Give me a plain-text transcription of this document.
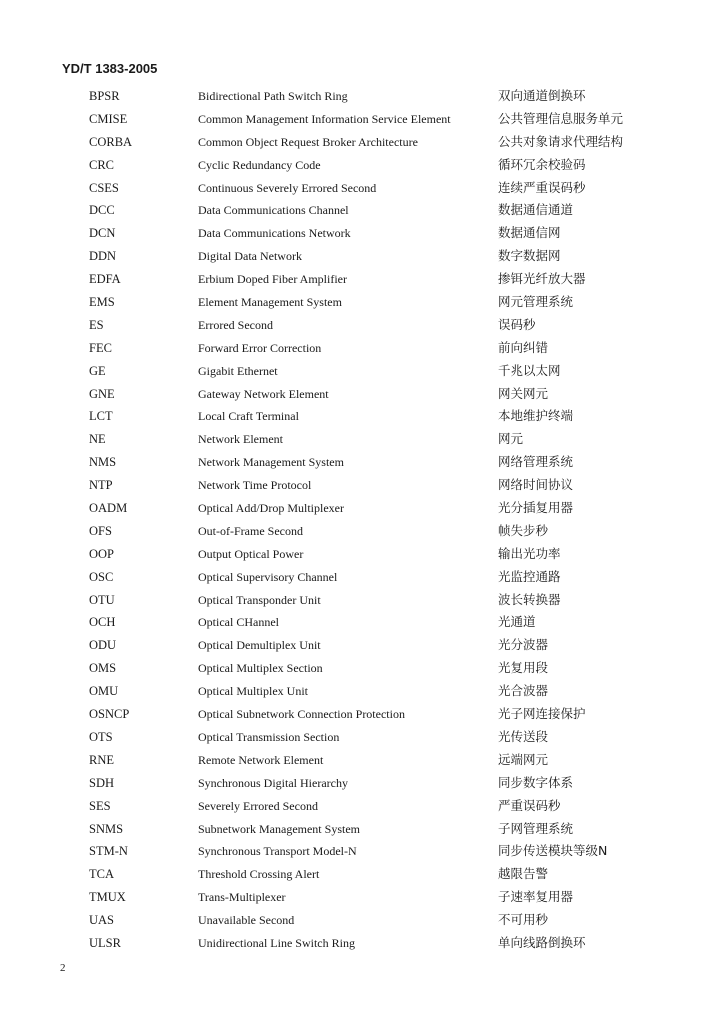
YD/T 1383-2005
BPSR	Bidirectional Path Switch Ring	双向通道倒换环
CMISE	Common Management Information Service Element	公共管理信息服务单元
CORBA	Common Object Request Broker Architecture	公共对象请求代理结构
CRC	Cyclic Redundancy Code	循环冗余校验码
CSES	Continuous Severely Errored Second	连续严重误码秒
DCC	Data Communications Channel	数据通信通道
DCN	Data Communications Network	数据通信网
DDN	Digital Data Network	数字数据网
EDFA	Erbium Doped Fiber Amplifier	掺铒光纤放大器
EMS	Element Management System	网元管理系统
ES	Errored Second	误码秒
FEC	Forward Error Correction	前向纠错
GE	Gigabit Ethernet	千兆以太网
GNE	Gateway Network Element	网关网元
LCT	Local Craft Terminal	本地维护终端
NE	Network Element	网元
NMS	Network Management System	网络管理系统
NTP	Network Time Protocol	网络时间协议
OADM	Optical Add/Drop Multiplexer	光分插复用器
OFS	Out-of-Frame Second	帧失步秒
OOP	Output Optical Power	输出光功率
OSC	Optical Supervisory Channel	光监控通路
OTU	Optical Transponder Unit	波长转换器
OCH	Optical CHannel	光通道
ODU	Optical Demultiplex Unit	光分波器
OMS	Optical Multiplex Section	光复用段
OMU	Optical Multiplex Unit	光合波器
OSNCP	Optical Subnetwork Connection Protection	光子网连接保护
OTS	Optical Transmission Section	光传送段
RNE	Remote Network Element	远端网元
SDH	Synchronous Digital Hierarchy	同步数字体系
SES	Severely Errored Second	严重误码秒
SNMS	Subnetwork Management System	子网管理系统
STM-N	Synchronous Transport Model-N	同步传送模块等级N
TCA	Threshold Crossing Alert	越限告警
TMUX	Trans-Multiplexer	子速率复用器
UAS	Unavailable Second	不可用秒
ULSR	Unidirectional Line Switch Ring	单向线路倒换环
2
